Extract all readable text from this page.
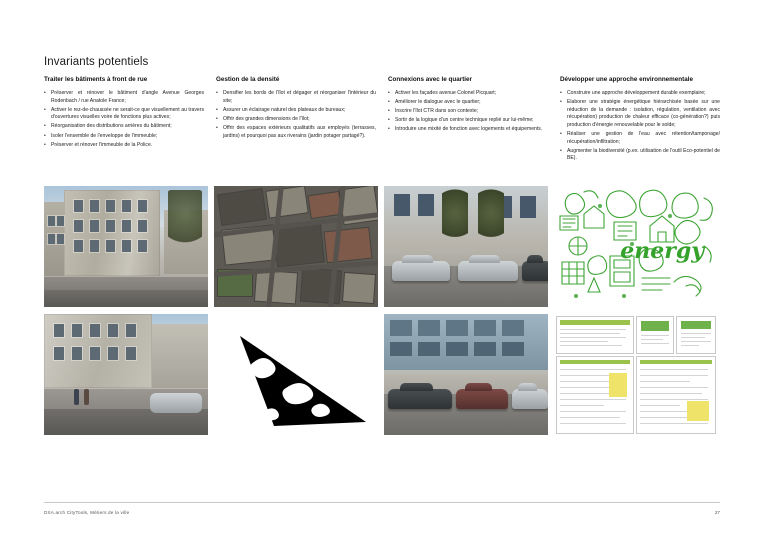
Invariants potentiels
Traiter les bâtiments à front de rue
• Préserver et rénover le bâtiment d'angle Avenue Georges Rodenbach / rue Anatole France;
• Activer le rez-de-chaussée ne serait-ce que visuellement au travers d'ouvertures visuelles voire de fonctions plus actives;
• Réorganisation des distributions arrières du bâtiment;
• Isoler l'ensemble de l'enveloppe de l'immeuble;
• Préserver et rénover l'immeuble de la Police.
Gestion de la densité
• Densifier les bords de l'îlot et dégager et réorganiser l'intérieur du site;
• Assurer un éclairage naturel des plateaux de bureaux;
• Offrir des grandes dimensions de l'îlot;
• Offrir des espaces extérieurs qualitatifs aux employés (terrasses, jardins) et pourquoi pas aux riverains (jardin potager partagé?).
Connexions avec le quartier
• Activer les façades avenue Colonel Picquart;
• Améliorer le dialogue avec le quartier;
• Inscrire l'îlot CTR dans son contexte;
• Sortir de la logique d'un centre technique replié sur lui-même;
• Introduire une mixité de fonction avec logements et équipements.
Développer une approche environnementale
• Construire une approche développement durable exemplaire;
• Elaborer une stratégie énergétique hiérarchisée basée sur une réduction de la demande : isolation, régulation, ventilation avec récupération) production de chaleur efficace (co-génération?) puis production d'énergie renouvelable pour le solde;
• Réaliser une gestion de l'eau avec rétention/tamponage/ récupération/infiltration;
• Augmenter la biodiversité (p.ex. utilisation de l'outil Eco-potentiel de BE).
energy
DXA.arch CityTools, Métiers de la ville	27
